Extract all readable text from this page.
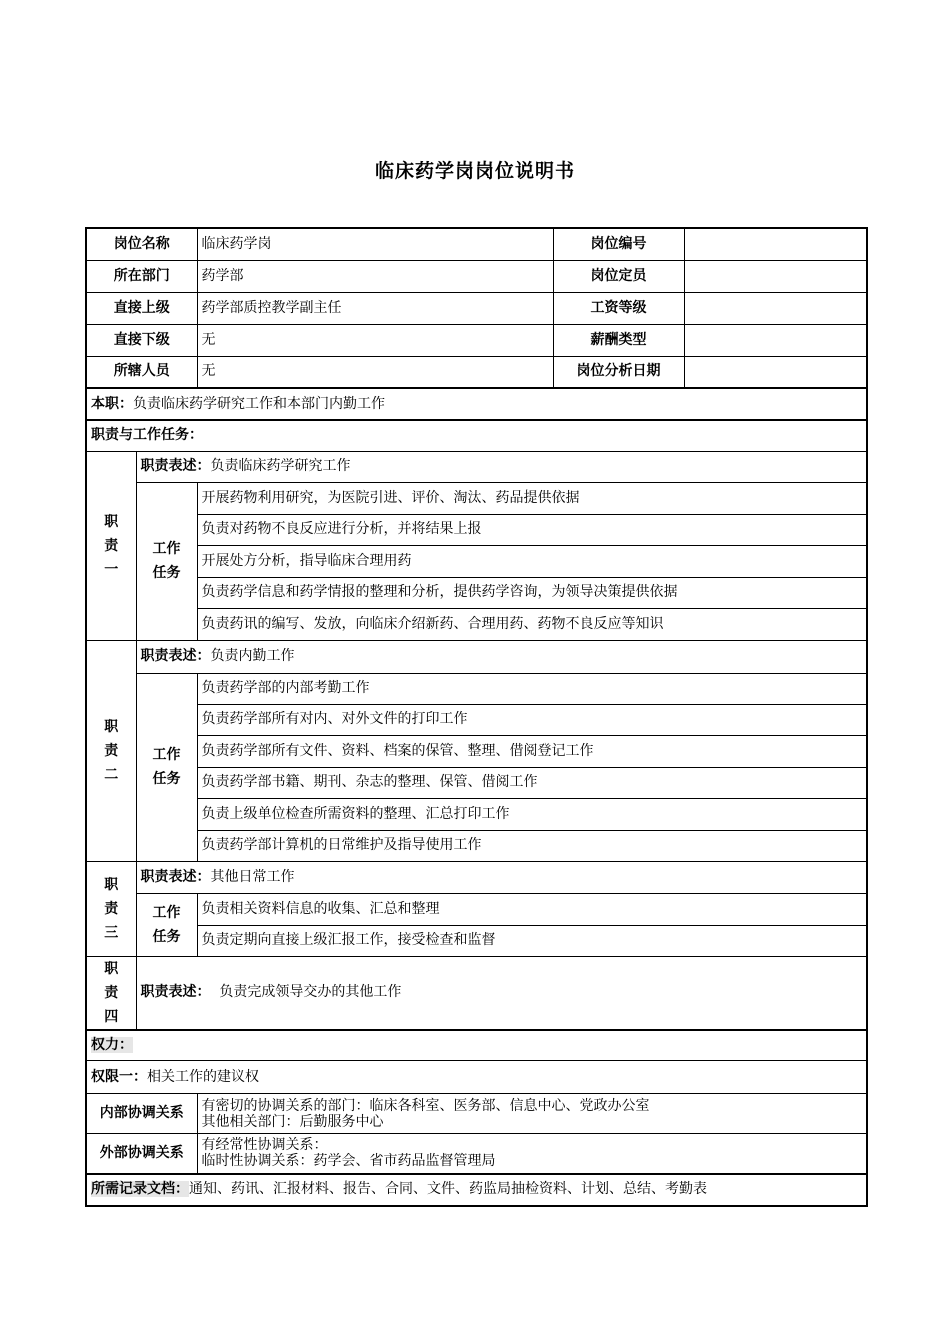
临床药学岗岗位说明书
岗位名称		临床药学岗	岗位编号	
所在部门		药学部	岗位定员	
直接上级		药学部质控教学副主任	工资等级	
直接下级		无	薪酬类型	
所辖人员		无	岗位分析日期	
本职：负责临床药学研究工作和本部门内勤工作				
职责与工作任务：				
职
责
一	职责表述：负责临床药学研究工作			
	工作
任务	开展药物利用研究，为医院引进、评价、淘汰、药品提供依据		
		负责对药物不良反应进行分析，并将结果上报		
		开展处方分析，指导临床合理用药		
		负责药学信息和药学情报的整理和分析，提供药学咨询，为领导决策提供依据		
		负责药讯的编写、发放，向临床介绍新药、合理用药、药物不良反应等知识		
职
责
二	职责表述：负责内勤工作			
	工作
任务	负责药学部的内部考勤工作		
		负责药学部所有对内、对外文件的打印工作		
		负责药学部所有文件、资料、档案的保管、整理、借阅登记工作		
		负责药学部书籍、期刊、杂志的整理、保管、借阅工作		
		负责上级单位检查所需资料的整理、汇总打印工作		
		负责药学部计算机的日常维护及指导使用工作		
职
责
三	职责表述：其他日常工作			
	工作
任务	负责相关资料信息的收集、汇总和整理		
		负责定期向直接上级汇报工作，接受检查和监督		
职
责
四	职责表述：  负责完成领导交办的其他工作			
权力：				
权限一：相关工作的建议权				
内部协调关系		有密切的协调关系的部门：临床各科室、医务部、信息中心、党政办公室
其他相关部门：后勤服务中心		
外部协调关系		有经常性协调关系：
临时性协调关系：药学会、省市药品监督管理局		
所需记录文档：通知、药讯、汇报材料、报告、合同、文件、药监局抽检资料、计划、总结、考勤表				
